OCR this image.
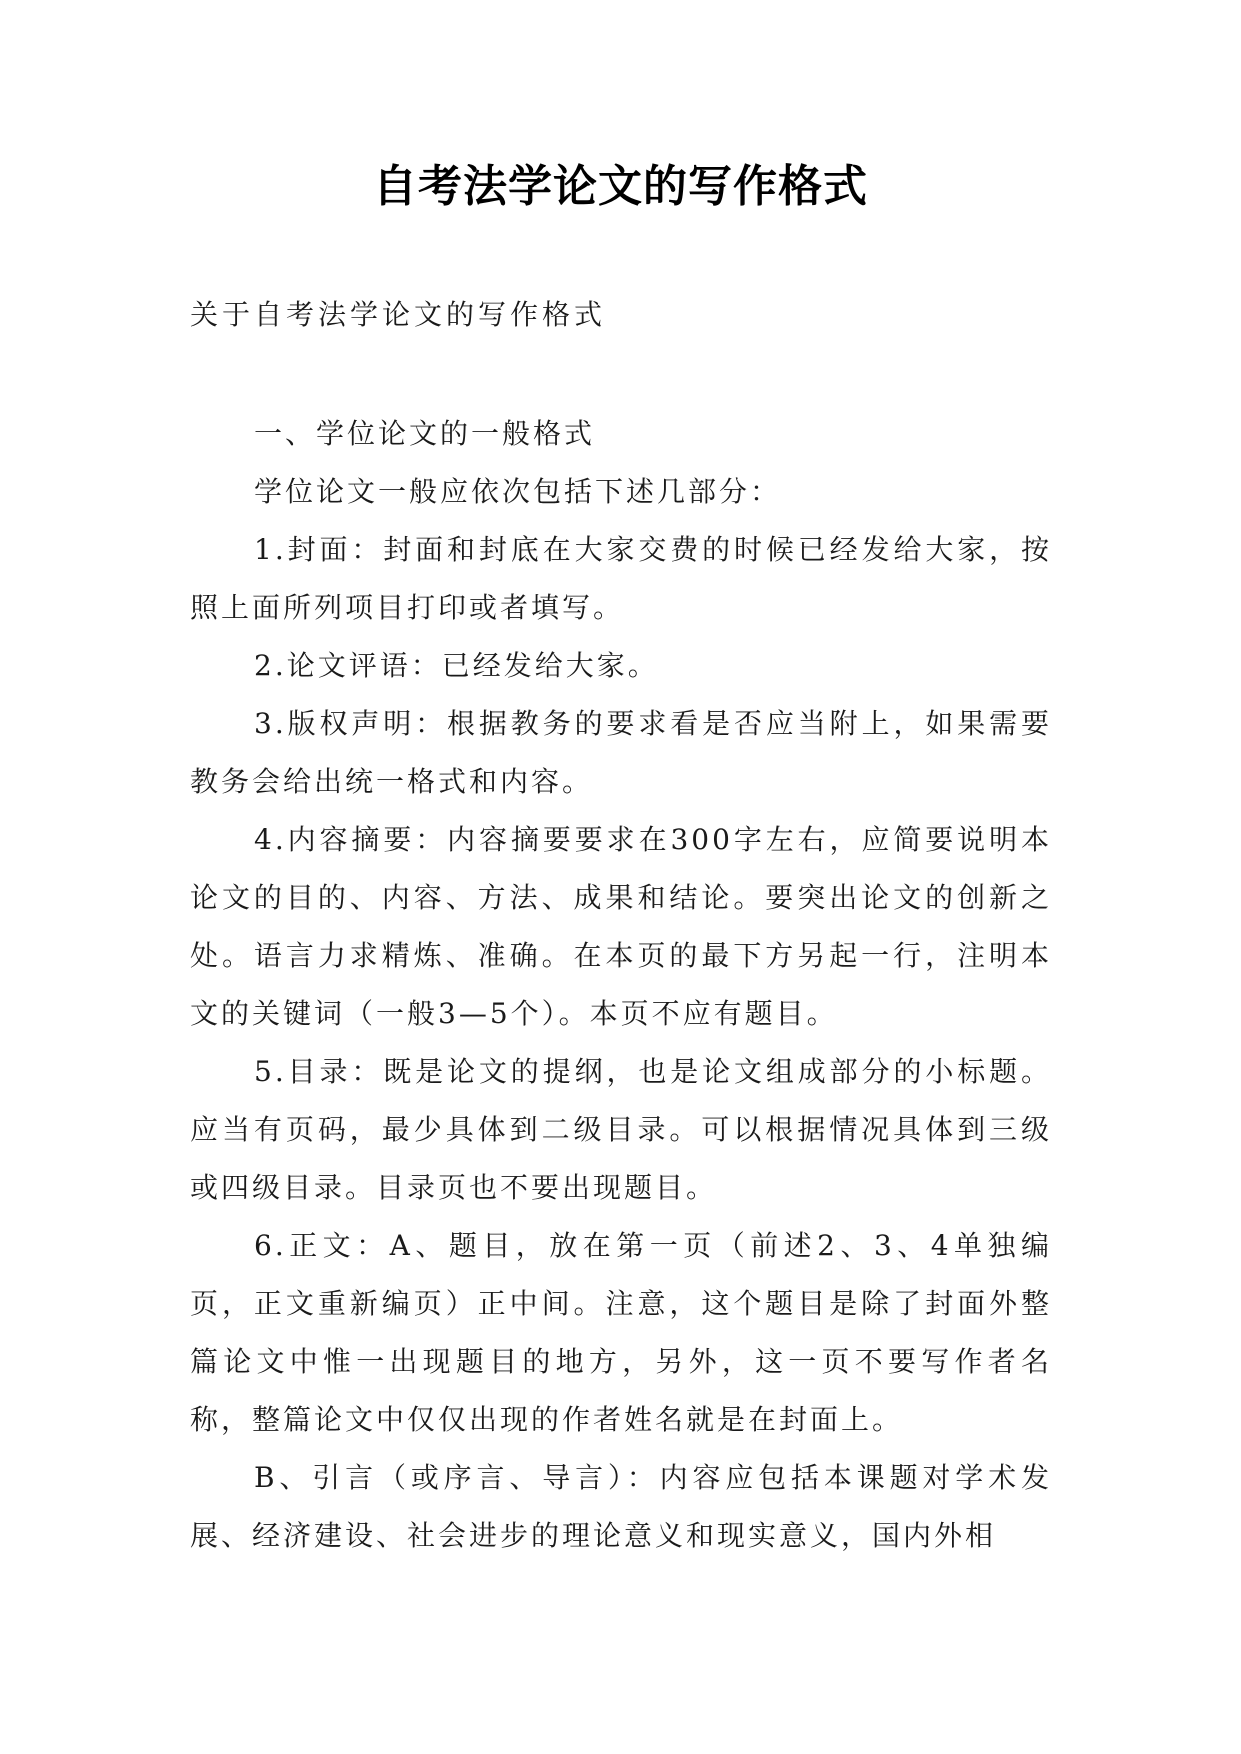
自考法学论文的写作格式
关于自考法学论文的写作格式
一、学位论文的一般格式

学位论文一般应依次包括下述几部分：

1.封面：封面和封底在大家交费的时候已经发给大家，按照上面所列项目打印或者填写。

2.论文评语：已经发给大家。

3.版权声明：根据教务的要求看是否应当附上，如果需要教务会给出统一格式和内容。

4.内容摘要：内容摘要要求在300字左右，应简要说明本论文的目的、内容、方法、成果和结论。要突出论文的创新之处。语言力求精炼、准确。在本页的最下方另起一行，注明本文的关键词（一般3—5个）。本页不应有题目。

5.目录：既是论文的提纲，也是论文组成部分的小标题。应当有页码，最少具体到二级目录。可以根据情况具体到三级或四级目录。目录页也不要出现题目。

6.正文：A、题目，放在第一页（前述2、3、4单独编页，正文重新编页）正中间。注意，这个题目是除了封面外整篇论文中惟一出现题目的地方，另外，这一页不要写作者名称，整篇论文中仅仅出现的作者姓名就是在封面上。

B、引言（或序言、导言）：内容应包括本课题对学术发展、经济建设、社会进步的理论意义和现实意义，国内外相
